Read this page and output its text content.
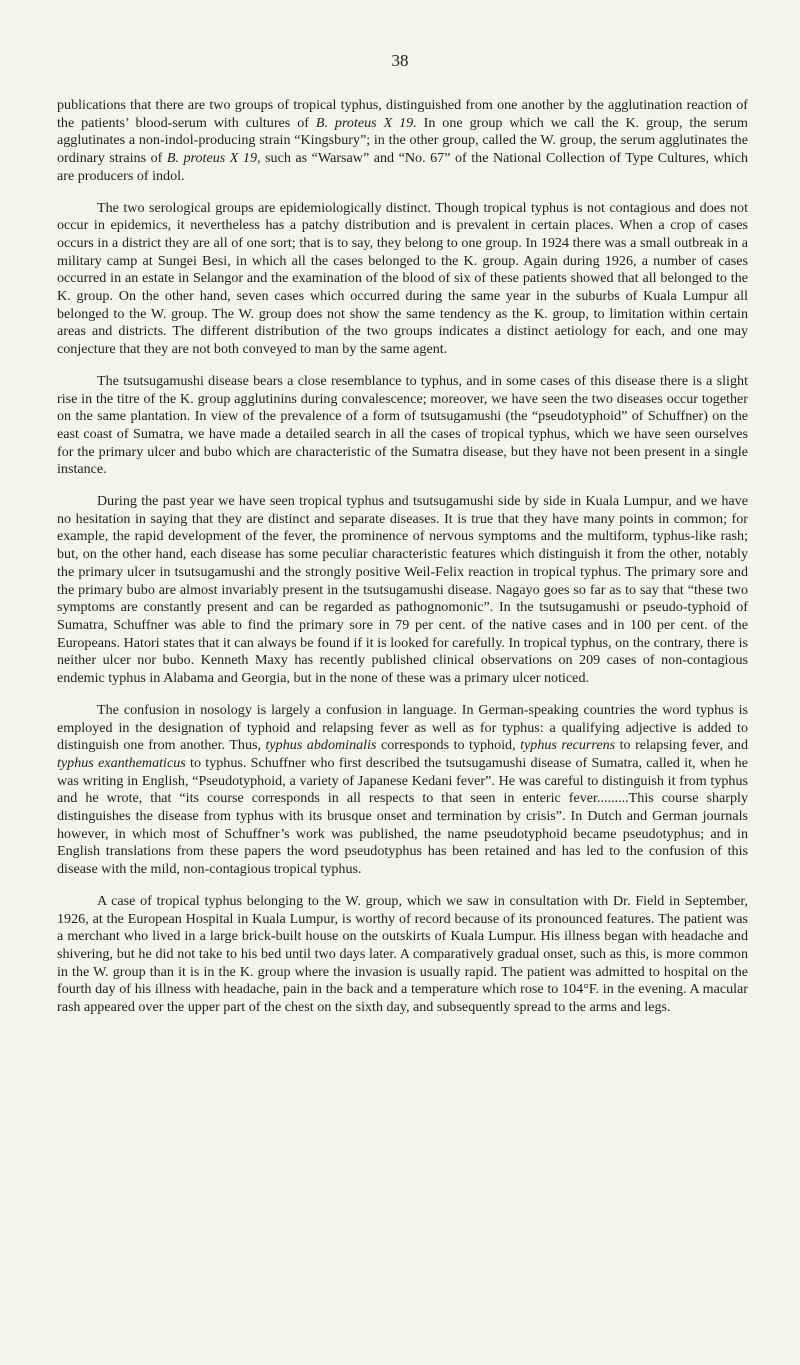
38

publications that there are two groups of tropical typhus, distinguished from one another by the agglutination reaction of the patients’ blood-serum with cultures of B. proteus X 19. In one group which we call the K. group, the serum agglutinates a non-indol-producing strain “Kingsbury”; in the other group, called the W. group, the serum agglutinates the ordinary strains of B. proteus X 19, such as “Warsaw” and “No. 67” of the National Collection of Type Cultures, which are producers of indol.

The two serological groups are epidemiologically distinct. Though tropical typhus is not contagious and does not occur in epidemics, it nevertheless has a patchy distribution and is prevalent in certain places. When a crop of cases occurs in a district they are all of one sort; that is to say, they belong to one group. In 1924 there was a small outbreak in a military camp at Sungei Besi, in which all the cases belonged to the K. group. Again during 1926, a number of cases occurred in an estate in Selangor and the examination of the blood of six of these patients showed that all belonged to the K. group. On the other hand, seven cases which occurred during the same year in the suburbs of Kuala Lumpur all belonged to the W. group. The W. group does not show the same tendency as the K. group, to limitation within certain areas and districts. The different distribution of the two groups indicates a distinct aetiology for each, and one may conjecture that they are not both conveyed to man by the same agent.

The tsutsugamushi disease bears a close resemblance to typhus, and in some cases of this disease there is a slight rise in the titre of the K. group agglutinins during convalescence; moreover, we have seen the two diseases occur together on the same plantation. In view of the prevalence of a form of tsutsugamushi (the “pseudotyphoid” of Schuffner) on the east coast of Sumatra, we have made a detailed search in all the cases of tropical typhus, which we have seen ourselves for the primary ulcer and bubo which are characteristic of the Sumatra disease, but they have not been present in a single instance.

During the past year we have seen tropical typhus and tsutsugamushi side by side in Kuala Lumpur, and we have no hesitation in saying that they are distinct and separate diseases. It is true that they have many points in common; for example, the rapid development of the fever, the prominence of nervous symptoms and the multiform, typhus-like rash; but, on the other hand, each disease has some peculiar characteristic features which distinguish it from the other, notably the primary ulcer in tsutsugamushi and the strongly positive Weil-Felix reaction in tropical typhus. The primary sore and the primary bubo are almost invariably present in the tsutsugamushi disease. Nagayo goes so far as to say that “these two symptoms are constantly present and can be regarded as pathognomonic”. In the tsutsugamushi or pseudo-typhoid of Sumatra, Schuffner was able to find the primary sore in 79 per cent. of the native cases and in 100 per cent. of the Europeans. Hatori states that it can always be found if it is looked for carefully. In tropical typhus, on the contrary, there is neither ulcer nor bubo. Kenneth Maxy has recently published clinical observations on 209 cases of non-contagious endemic typhus in Alabama and Georgia, but in the none of these was a primary ulcer noticed.

The confusion in nosology is largely a confusion in language. In German-speaking countries the word typhus is employed in the designation of typhoid and relapsing fever as well as for typhus: a qualifying adjective is added to distinguish one from another. Thus, typhus abdominalis corresponds to typhoid, typhus recurrens to relapsing fever, and typhus exanthematicus to typhus. Schuffner who first described the tsutsugamushi disease of Sumatra, called it, when he was writing in English, “Pseudotyphoid, a variety of Japanese Kedani fever”. He was careful to distinguish it from typhus and he wrote, that “its course corresponds in all respects to that seen in enteric fever.........This course sharply distinguishes the disease from typhus with its brusque onset and termination by crisis”. In Dutch and German journals however, in which most of Schuffner’s work was published, the name pseudotyphoid became pseudotyphus; and in English translations from these papers the word pseudotyphus has been retained and has led to the confusion of this disease with the mild, non-contagious tropical typhus.

A case of tropical typhus belonging to the W. group, which we saw in consultation with Dr. Field in September, 1926, at the European Hospital in Kuala Lumpur, is worthy of record because of its pronounced features. The patient was a merchant who lived in a large brick-built house on the outskirts of Kuala Lumpur. His illness began with headache and shivering, but he did not take to his bed until two days later. A comparatively gradual onset, such as this, is more common in the W. group than it is in the K. group where the invasion is usually rapid. The patient was admitted to hospital on the fourth day of his illness with headache, pain in the back and a temperature which rose to 104°F. in the evening. A macular rash appeared over the upper part of the chest on the sixth day, and subsequently spread to the arms and legs.
